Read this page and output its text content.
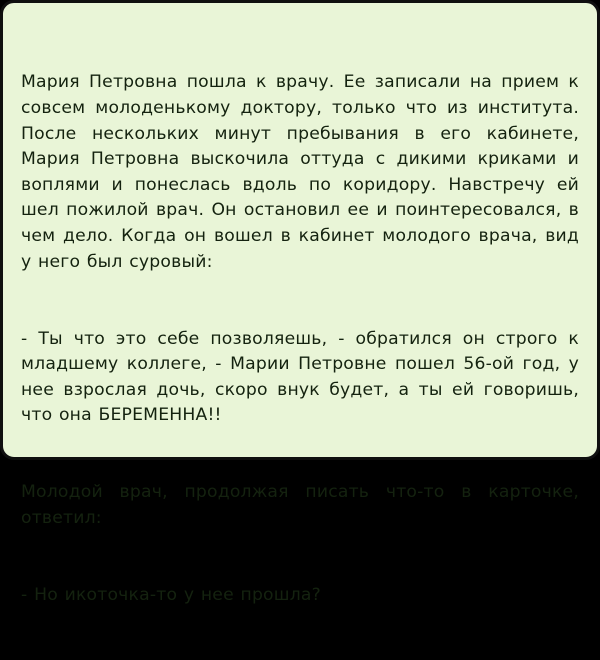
Мария Петровна пошла к врачу. Ее записали на прием к совсем молоденькому доктору, только что из института. После нескольких минут пребывания в его кабинете, Мария Петровна выскочила оттуда с дикими криками и воплями и понеслась вдоль по коридору. Навстречу ей шел пожилой врач. Он остановил ее и поинтересовался, в чем дело. Когда он вошел в кабинет молодого врача, вид у него был суровый:

- Ты что это себе позволяешь, - обратился он строго к младшему коллеге, - Марии Петровне пошел 56-ой год, у нее взрослая дочь, скоро внук будет, а ты ей говоришь, что она БЕРЕМЕННА!!

Молодой врач, продолжая писать что-то в карточке, ответил:

- Но икоточка-то у нее прошла?
